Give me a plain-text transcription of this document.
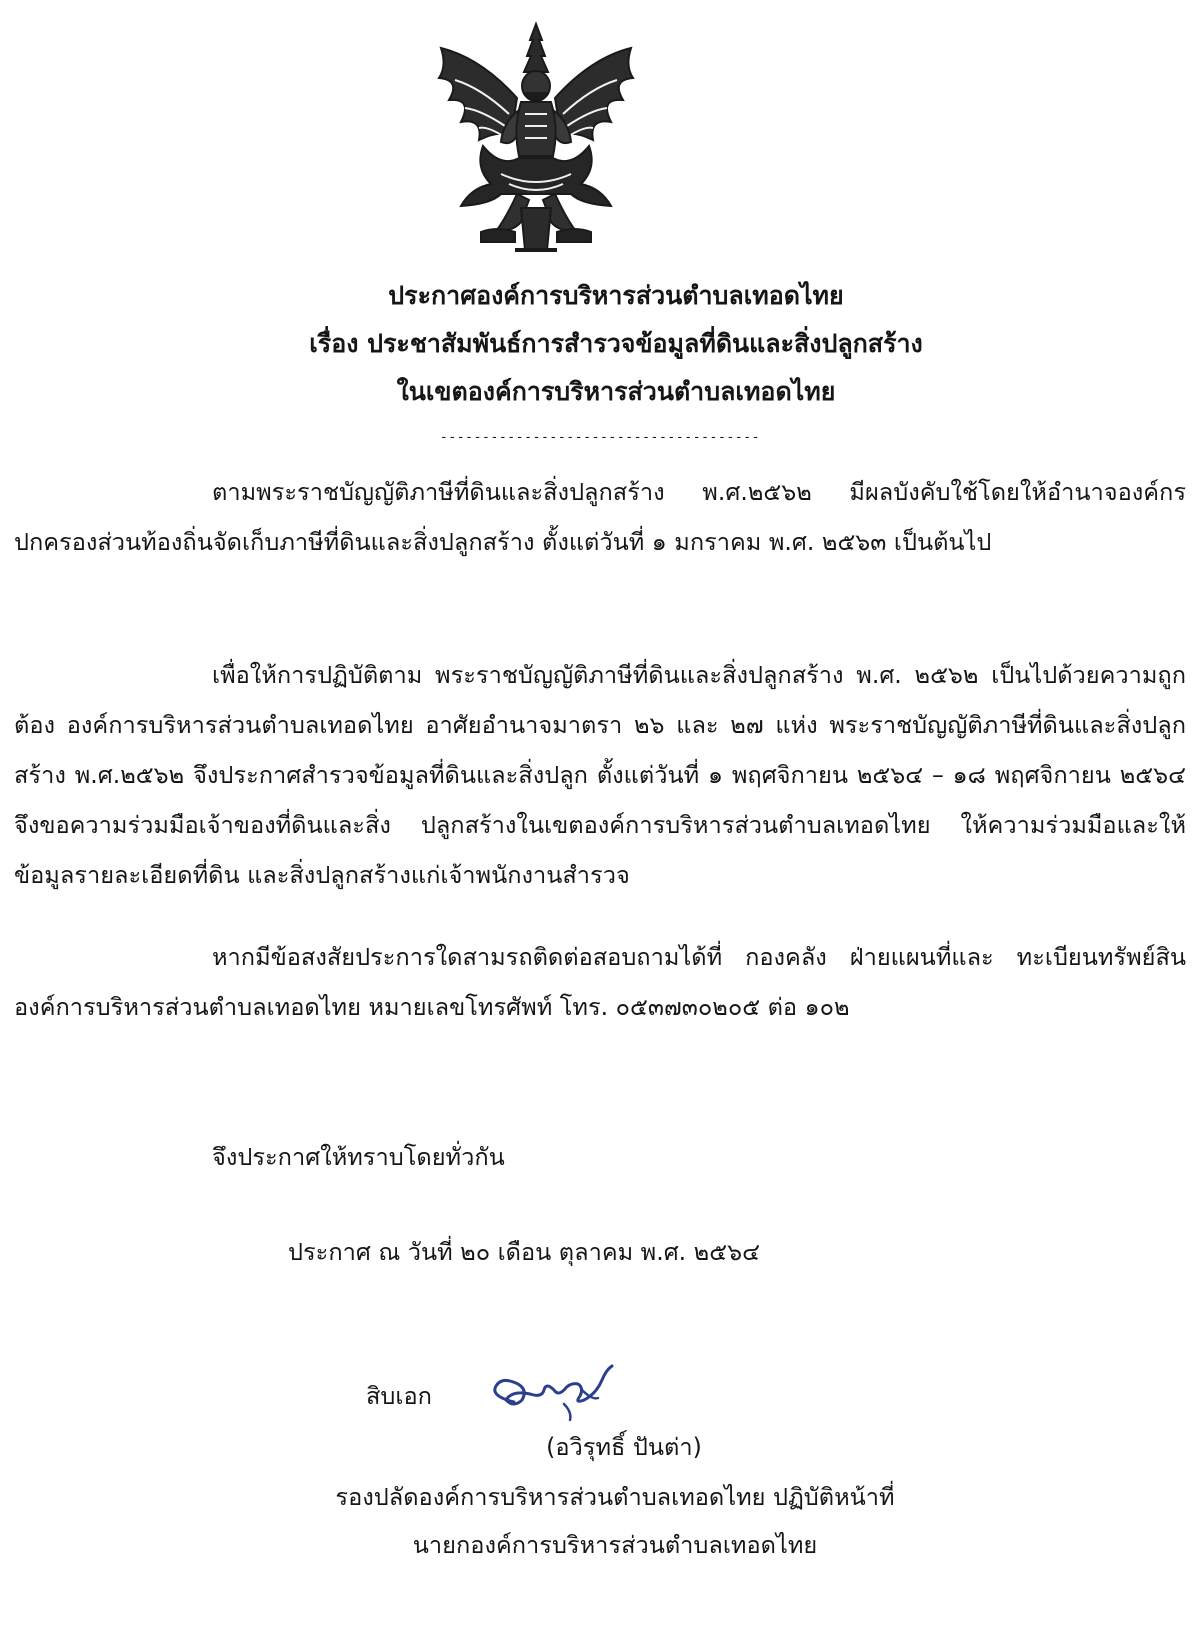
ประกาศองค์การบริหารส่วนตำบลเทอดไทย
เรื่อง ประชาสัมพันธ์การสำรวจข้อมูลที่ดินและสิ่งปลูกสร้าง
ในเขตองค์การบริหารส่วนตำบลเทอดไทย
--------------------------------------
ตามพระราชบัญญัติภาษีที่ดินและสิ่งปลูกสร้าง พ.ศ.๒๕๖๒ มีผลบังคับใช้โดยให้อำนาจองค์กรปกครองส่วนท้องถิ่นจัดเก็บภาษีที่ดินและสิ่งปลูกสร้าง ตั้งแต่วันที่ ๑ มกราคม พ.ศ. ๒๕๖๓ เป็นต้นไป
เพื่อให้การปฏิบัติตาม พระราชบัญญัติภาษีที่ดินและสิ่งปลูกสร้าง พ.ศ. ๒๕๖๒ เป็นไปด้วยความถูกต้อง องค์การบริหารส่วนตำบลเทอดไทย อาศัยอำนาจมาตรา ๒๖ และ ๒๗ แห่ง พระราชบัญญัติภาษีที่ดินและสิ่งปลูกสร้าง พ.ศ.๒๕๖๒ จึงประกาศสำรวจข้อมูลที่ดินและสิ่งปลูก ตั้งแต่วันที่ ๑ พฤศจิกายน ๒๕๖๔ – ๑๘ พฤศจิกายน ๒๕๖๔ จึงขอความร่วมมือเจ้าของที่ดินและสิ่ง ปลูกสร้างในเขตองค์การบริหารส่วนตำบลเทอดไทย ให้ความร่วมมือและให้ข้อมูลรายละเอียดที่ดิน และสิ่งปลูกสร้างแก่เจ้าพนักงานสำรวจ
หากมีข้อสงสัยประการใดสามรถติดต่อสอบถามได้ที่ กองคลัง ฝ่ายแผนที่และ ทะเบียนทรัพย์สิน องค์การบริหารส่วนตำบลเทอดไทย หมายเลขโทรศัพท์ โทร. ๐๕๓๗๓๐๒๐๕ ต่อ ๑๐๒
จึงประกาศให้ทราบโดยทั่วกัน
ประกาศ ณ วันที่ ๒๐ เดือน ตุลาคม พ.ศ. ๒๕๖๔
สิบเอก
(อวิรุทธิ์ ปันต่า)
รองปลัดองค์การบริหารส่วนตำบลเทอดไทย ปฏิบัติหน้าที่
นายกองค์การบริหารส่วนตำบลเทอดไทย
